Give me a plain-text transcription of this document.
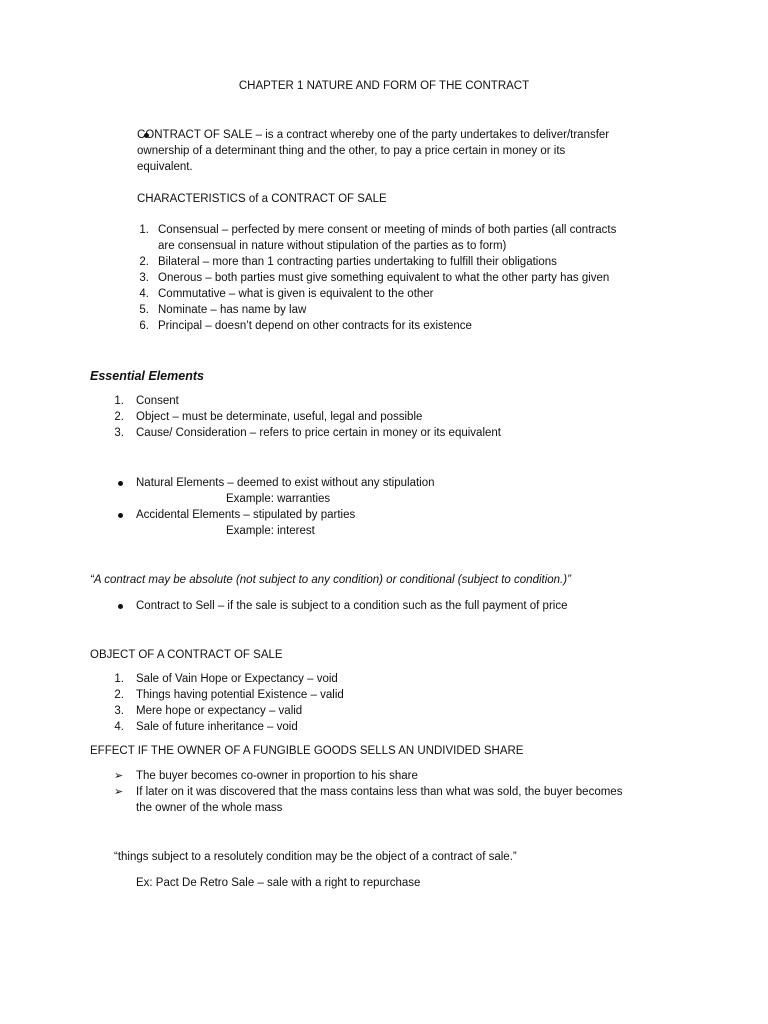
CHAPTER 1 NATURE AND FORM OF THE CONTRACT
CONTRACT OF SALE – is a contract whereby one of the party undertakes to deliver/transfer
ownership of a determinant thing and the other, to pay a price certain in money or its
equivalent.
CHARACTERISTICS of a CONTRACT OF SALE
1. Consensual – perfected by mere consent or meeting of minds of both parties (all contracts
are consensual in nature without stipulation of the parties as to form)
2. Bilateral – more than 1 contracting parties undertaking to fulfill their obligations
3. Onerous – both parties must give something equivalent to what the other party has given
4. Commutative – what is given is equivalent to the other
5. Nominate – has name by law
6. Principal – doesn’t depend on other contracts for its existence
Essential Elements
1. Consent
2. Object – must be determinate, useful, legal and possible
3. Cause/ Consideration – refers to price certain in money or its equivalent
Natural Elements – deemed to exist without any stipulation
Example: warranties
Accidental Elements – stipulated by parties
Example: interest
“A contract may be absolute (not subject to any condition) or conditional (subject to condition.)”
Contract to Sell – if the sale is subject to a condition such as the full payment of price
OBJECT OF A CONTRACT OF SALE
1. Sale of Vain Hope or Expectancy – void
2. Things having potential Existence – valid
3. Mere hope or expectancy – valid
4. Sale of future inheritance – void
EFFECT IF THE OWNER OF A FUNGIBLE GOODS SELLS AN UNDIVIDED SHARE
➢ The buyer becomes co-owner in proportion to his share
➢ If later on it was discovered that the mass contains less than what was sold, the buyer becomes
the owner of the whole mass
“things subject to a resolutely condition may be the object of a contract of sale.”
Ex: Pact De Retro Sale – sale with a right to repurchase
